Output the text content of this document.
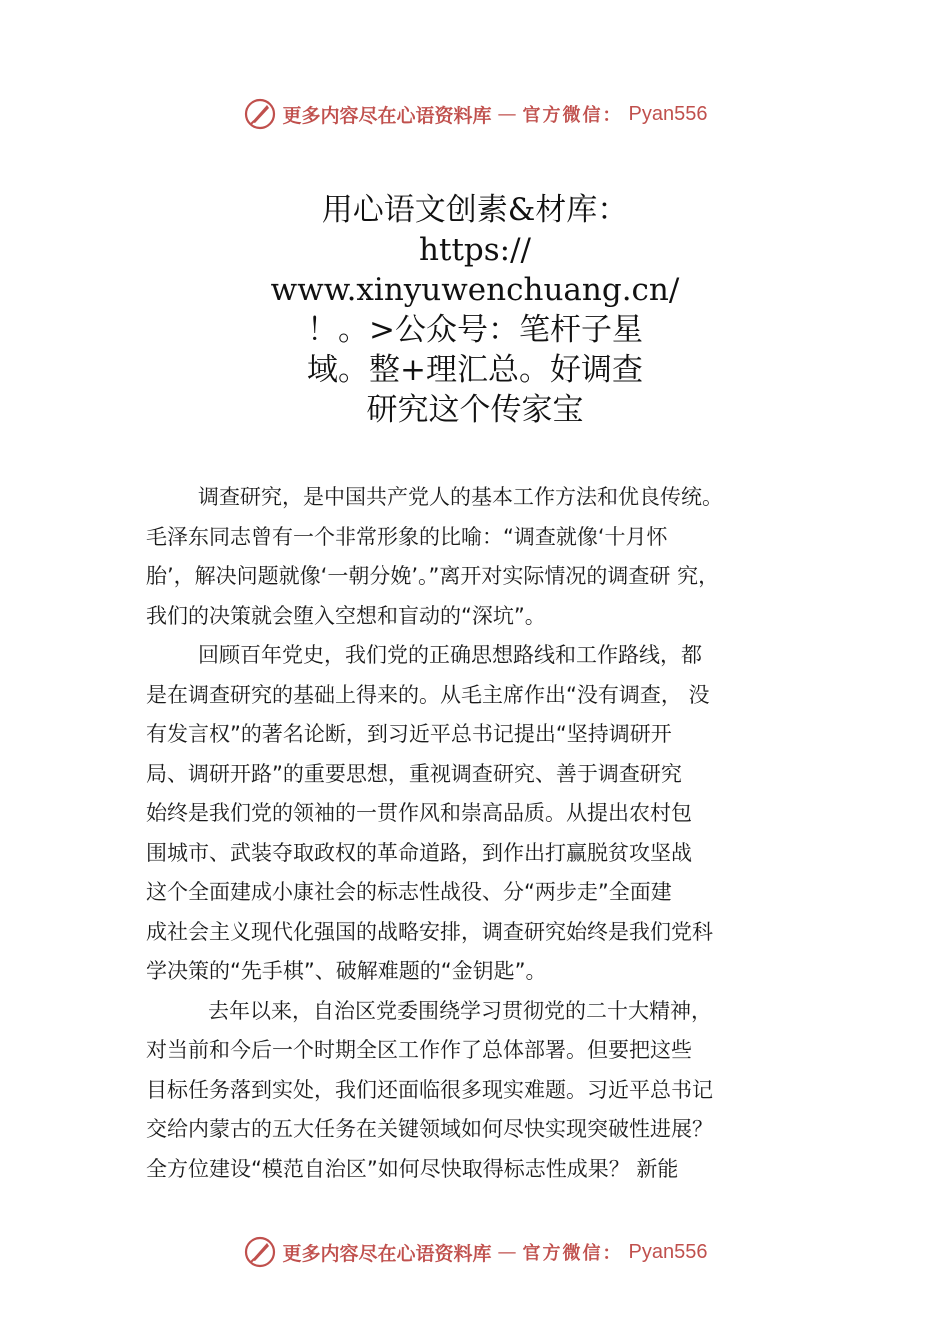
更多内容尽在心语资料库 — 官方微信： Pyan556
用心语文创素&材库：
https://
www.xinyuwenchuang.cn/
！。>公众号：笔杆子星
域。整+理汇总。好调查
研究这个传家宝
调查研究，是中国共产党人的基本工作方法和优良传统。
毛泽东同志曾有一个非常形象的比喻：“调查就像‘十月怀
胎’，解决问题就像‘一朝分娩’。”离开对实际情况的调查研 究，
我们的决策就会堕入空想和盲动的“深坑”。
回顾百年党史，我们党的正确思想路线和工作路线，都
是在调查研究的基础上得来的。从毛主席作出“没有调查， 没
有发言权”的著名论断，到习近平总书记提出“坚持调研开
局、调研开路”的重要思想，重视调查研究、善于调查研究
始终是我们党的领袖的一贯作风和崇高品质。从提出农村包
围城市、武装夺取政权的革命道路，到作出打赢脱贫攻坚战
这个全面建成小康社会的标志性战役、分“两步走”全面建
成社会主义现代化强国的战略安排，调查研究始终是我们党科
学决策的“先手棋”、破解难题的“金钥匙”。
去年以来，自治区党委围绕学习贯彻党的二十大精神，
对当前和今后一个时期全区工作作了总体部署。但要把这些
目标任务落到实处，我们还面临很多现实难题。习近平总书记
交给内蒙古的五大任务在关键领域如何尽快实现突破性进展？
全方位建设“模范自治区”如何尽快取得标志性成果？ 新能
更多内容尽在心语资料库 — 官方微信： Pyan556
